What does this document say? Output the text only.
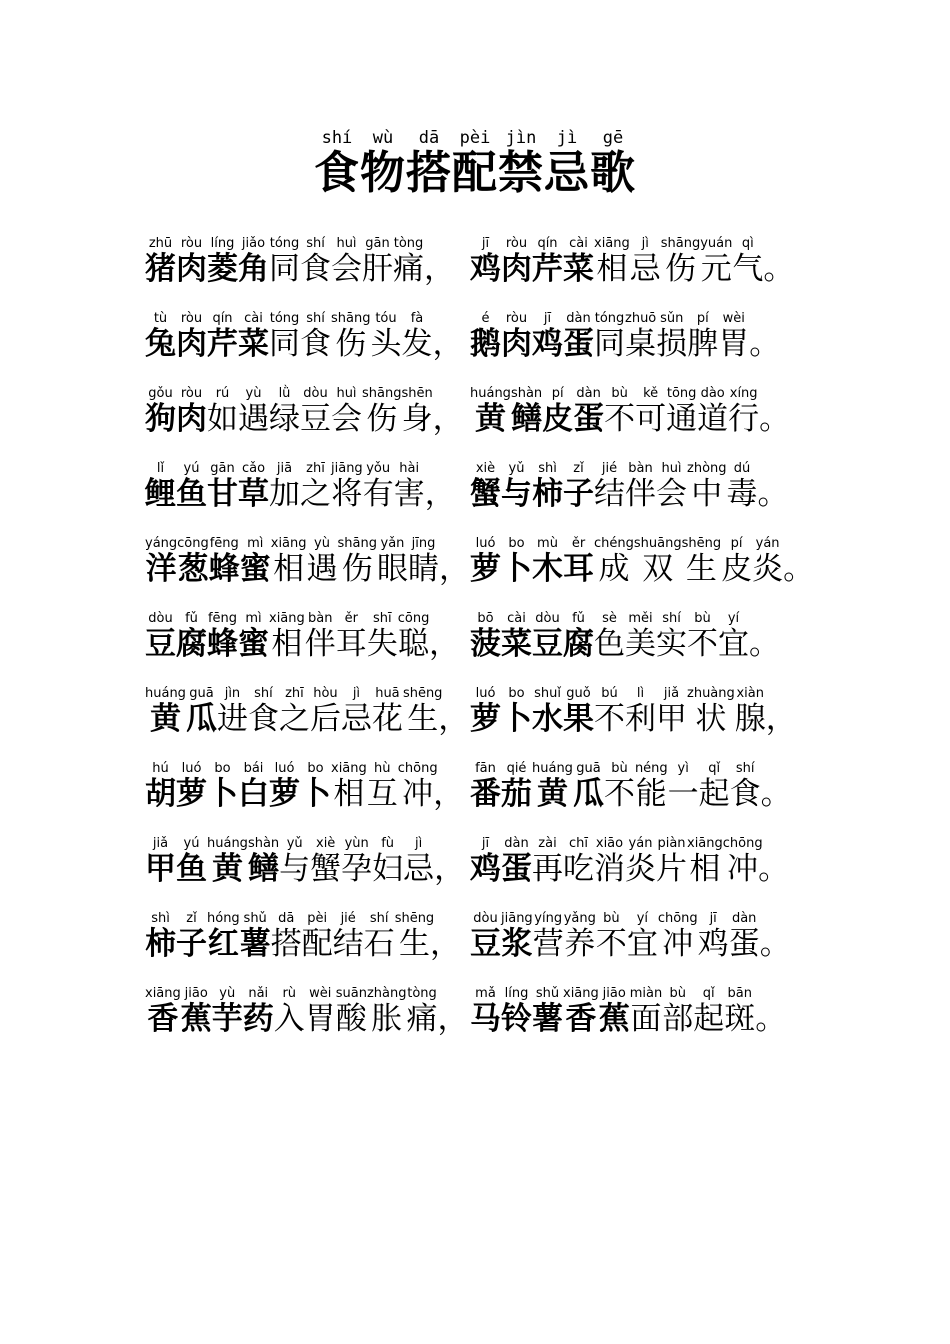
食shí物wù搭dā配pèi禁jìn忌jì歌gē
猪zhū肉ròu菱líng角jiǎo同tóng食shí会huì肝gān痛tòng， 鸡jī肉ròu芹qín菜cài相xiāng忌jì伤shāng元yuán气qì。
兔tù肉ròu芹qín菜cài同tóng食shí伤shāng头tóu发fà， 鹅é肉ròu鸡jī蛋dàn同tóng桌zhuō损sǔn脾pí胃wèi。
狗gǒu肉ròu如rú遇yù绿lǜ豆dòu会huì伤shāng身shēn， 黄huáng鳝shàn皮pí蛋dàn不bù可kě通tōng道dào行xíng。
鲤lǐ鱼yú甘gān草cǎo加jiā之zhī将jiāng有yǒu害hài， 蟹xiè与yǔ柿shì子zǐ结jié伴bàn会huì中zhòng毒dú。
洋yáng葱cōng蜂fēng蜜mì相xiāng遇yù伤shāng眼yǎn睛jīng， 萝luó卜bo木mù耳ěr成chéng双shuāng生shēng皮pí炎yán。
豆dòu腐fǔ蜂fēng蜜mì相xiāng伴bàn耳ěr失shī聪cōng， 菠bō菜cài豆dòu腐fǔ色sè美měi实shí不bù宜yí。
黄huáng瓜guā进jìn食shí之zhī后hòu忌jì花huā生shēng， 萝luó卜bo水shuǐ果guǒ不bú利lì甲jiǎ状zhuàng腺xiàn，
胡hú萝luó卜bo白bái萝luó卜bo相xiāng互hù冲chōng， 番fān茄qié黄huáng瓜guā不bù能néng一yì起qǐ食shí。
甲jiǎ鱼yú黄huáng鳝shàn与yǔ蟹xiè孕yùn妇fù忌jì， 鸡jī蛋dàn再zài吃chī消xiāo炎yán片piàn相xiāng冲chōng。
柿shì子zǐ红hóng薯shǔ搭dā配pèi结jié石shí生shēng， 豆dòu浆jiāng营yíng养yǎng不bù宜yí冲chōng鸡jī蛋dàn。
香xiāng蕉jiāo芋yù药nǎi入rù胃wèi酸suān胀zhàng痛tòng， 马mǎ铃líng薯shǔ香xiāng蕉jiāo面miàn部bù起qǐ斑bān。
